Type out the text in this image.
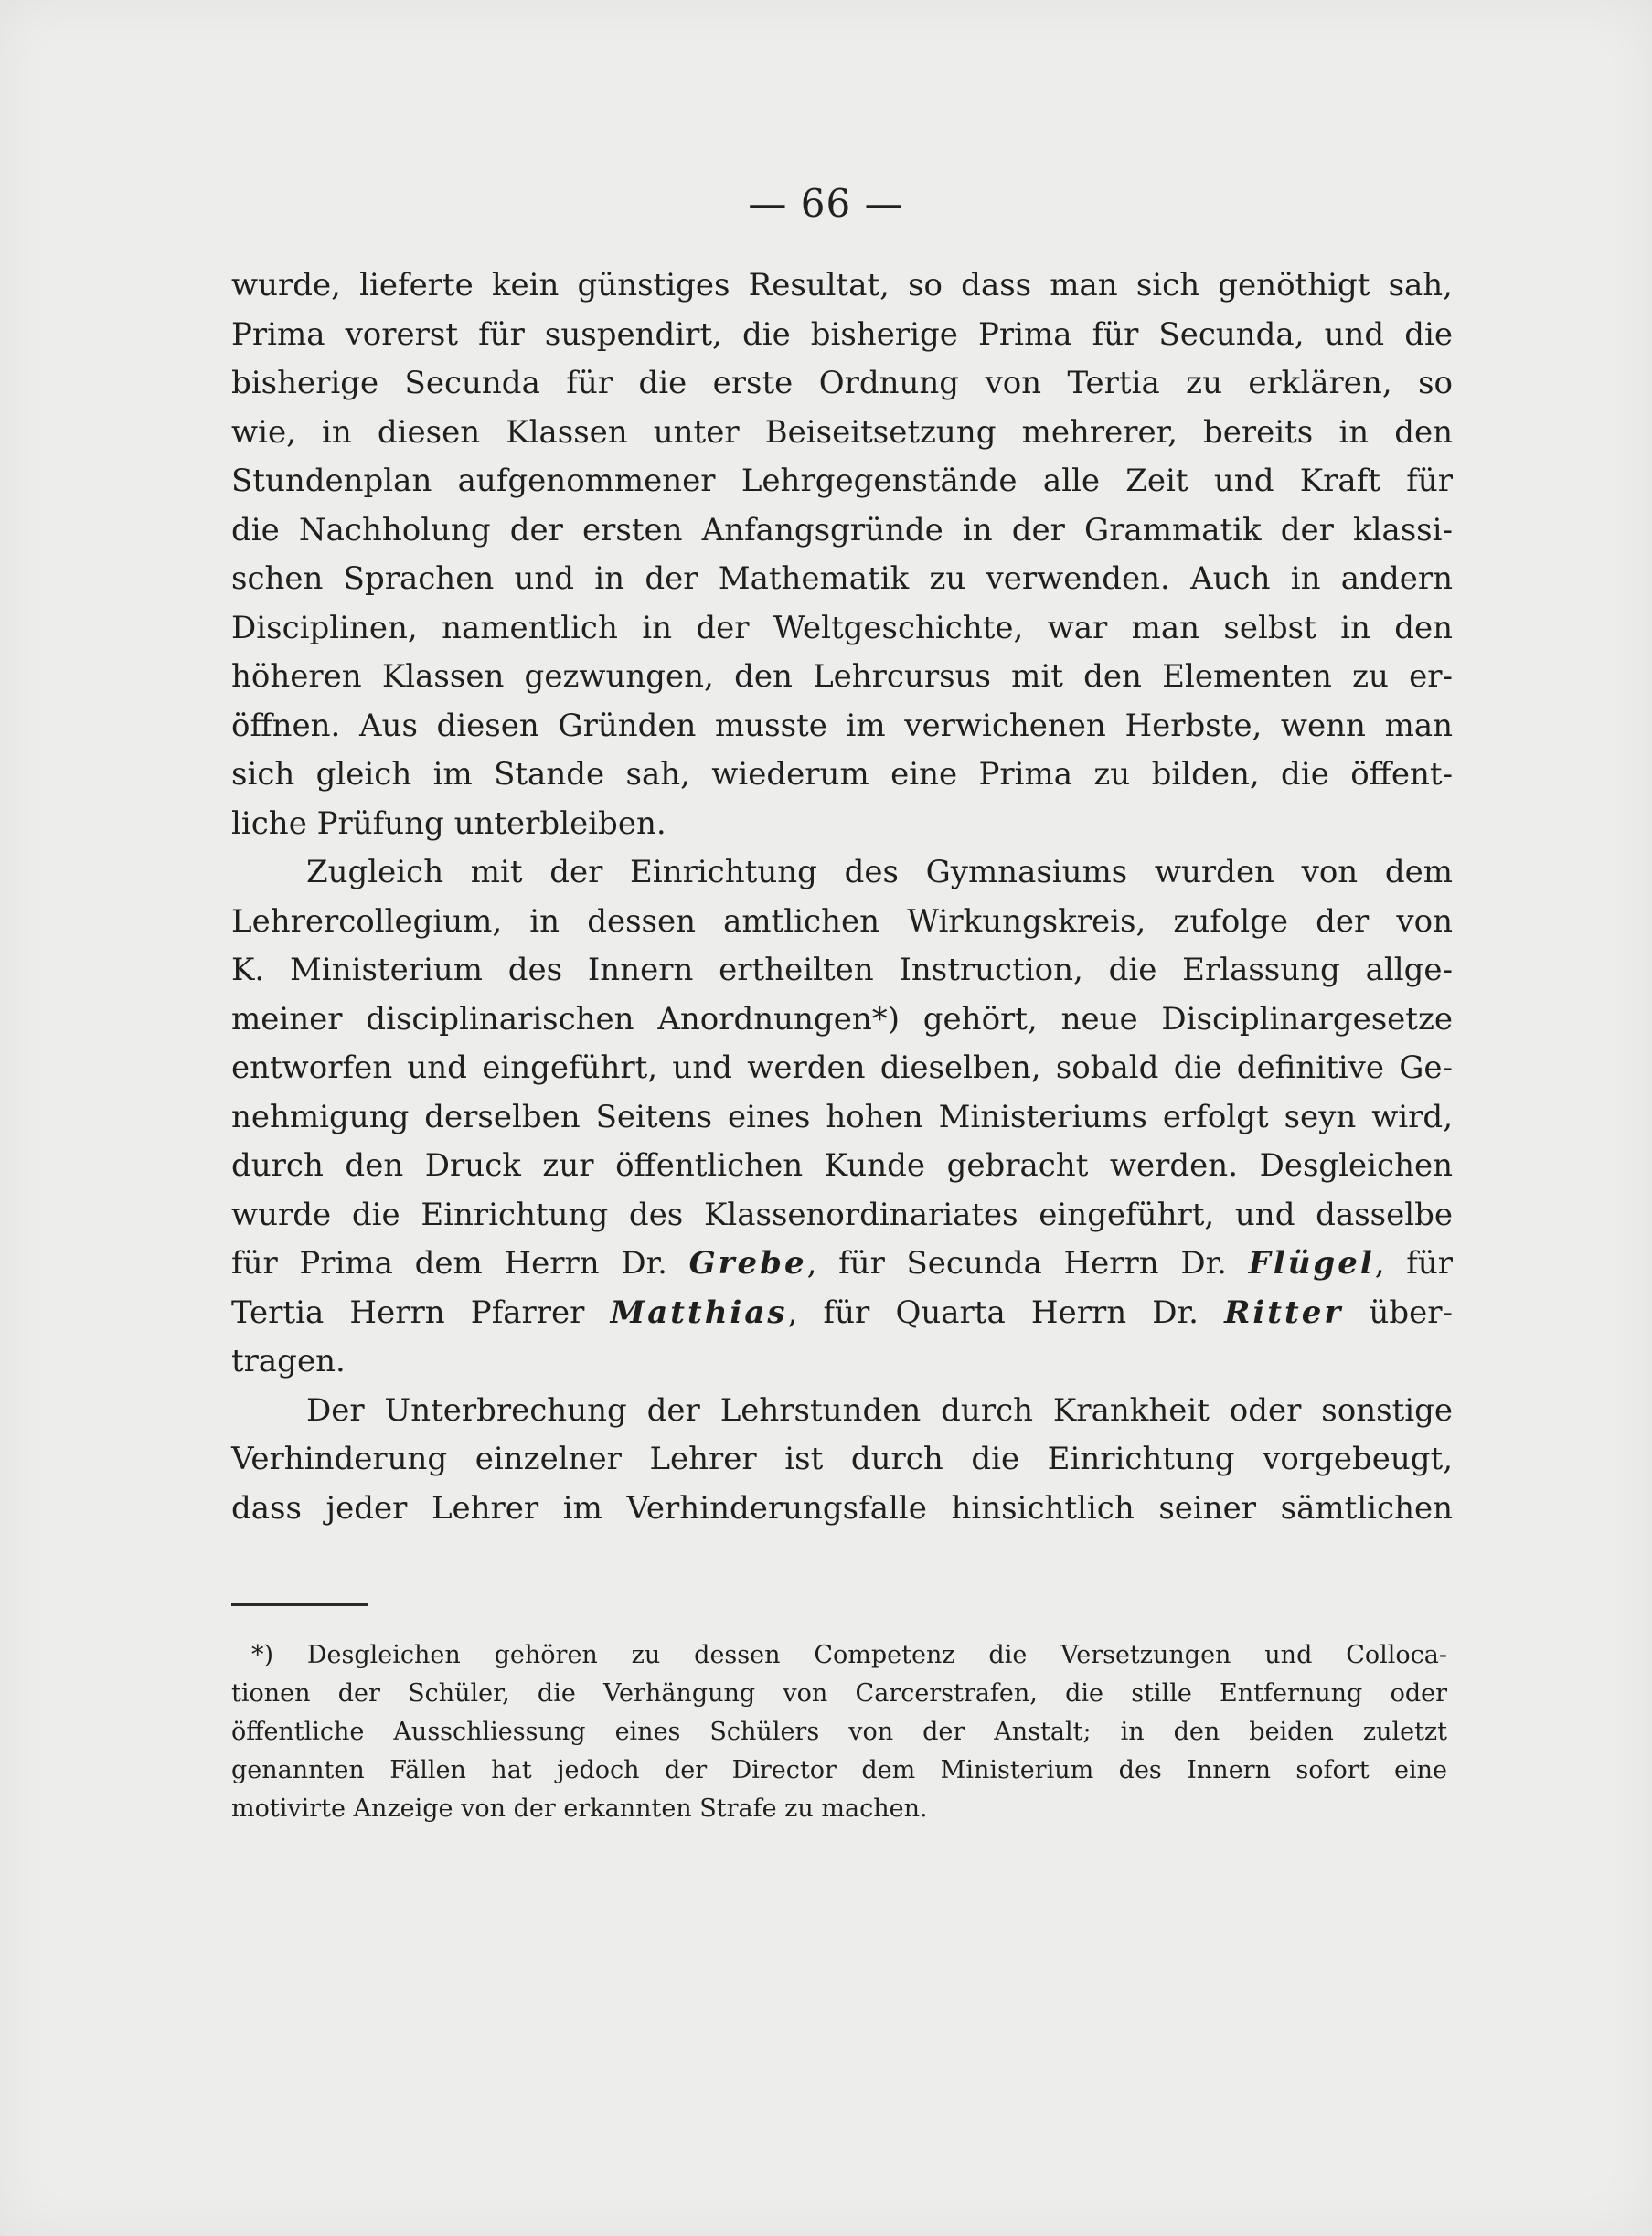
— 66 —
wurde, lieferte kein günstiges Resultat, so dass man sich genöthigt sah,
Prima vorerst für suspendirt, die bisherige Prima für Secunda, und die
bisherige Secunda für die erste Ordnung von Tertia zu erklären, so
wie, in diesen Klassen unter Beiseitsetzung mehrerer, bereits in den
Stundenplan aufgenommener Lehrgegenstände alle Zeit und Kraft für
die Nachholung der ersten Anfangsgründe in der Grammatik der klassi-
schen Sprachen und in der Mathematik zu verwenden. Auch in andern
Disciplinen, namentlich in der Weltgeschichte, war man selbst in den
höheren Klassen gezwungen, den Lehrcursus mit den Elementen zu er-
öffnen. Aus diesen Gründen musste im verwichenen Herbste, wenn man
sich gleich im Stande sah, wiederum eine Prima zu bilden, die öffent-
liche Prüfung unterbleiben.
Zugleich mit der Einrichtung des Gymnasiums wurden von dem
Lehrercollegium, in dessen amtlichen Wirkungskreis, zufolge der von
K. Ministerium des Innern ertheilten Instruction, die Erlassung allge-
meiner disciplinarischen Anordnungen*) gehört, neue Disciplinargesetze
entworfen und eingeführt, und werden dieselben, sobald die definitive Ge-
nehmigung derselben Seitens eines hohen Ministeriums erfolgt seyn wird,
durch den Druck zur öffentlichen Kunde gebracht werden. Desgleichen
wurde die Einrichtung des Klassenordinariates eingeführt, und dasselbe
für Prima dem Herrn Dr. Grebe, für Secunda Herrn Dr. Flügel, für
Tertia Herrn Pfarrer Matthias, für Quarta Herrn Dr. Ritter über-
tragen.
Der Unterbrechung der Lehrstunden durch Krankheit oder sonstige
Verhinderung einzelner Lehrer ist durch die Einrichtung vorgebeugt,
dass jeder Lehrer im Verhinderungsfalle hinsichtlich seiner sämtlichen
*) Desgleichen gehören zu dessen Competenz die Versetzungen und Colloca-
tionen der Schüler, die Verhängung von Carcerstrafen, die stille Entfernung oder
öffentliche Ausschliessung eines Schülers von der Anstalt; in den beiden zuletzt
genannten Fällen hat jedoch der Director dem Ministerium des Innern sofort eine
motivirte Anzeige von der erkannten Strafe zu machen.
